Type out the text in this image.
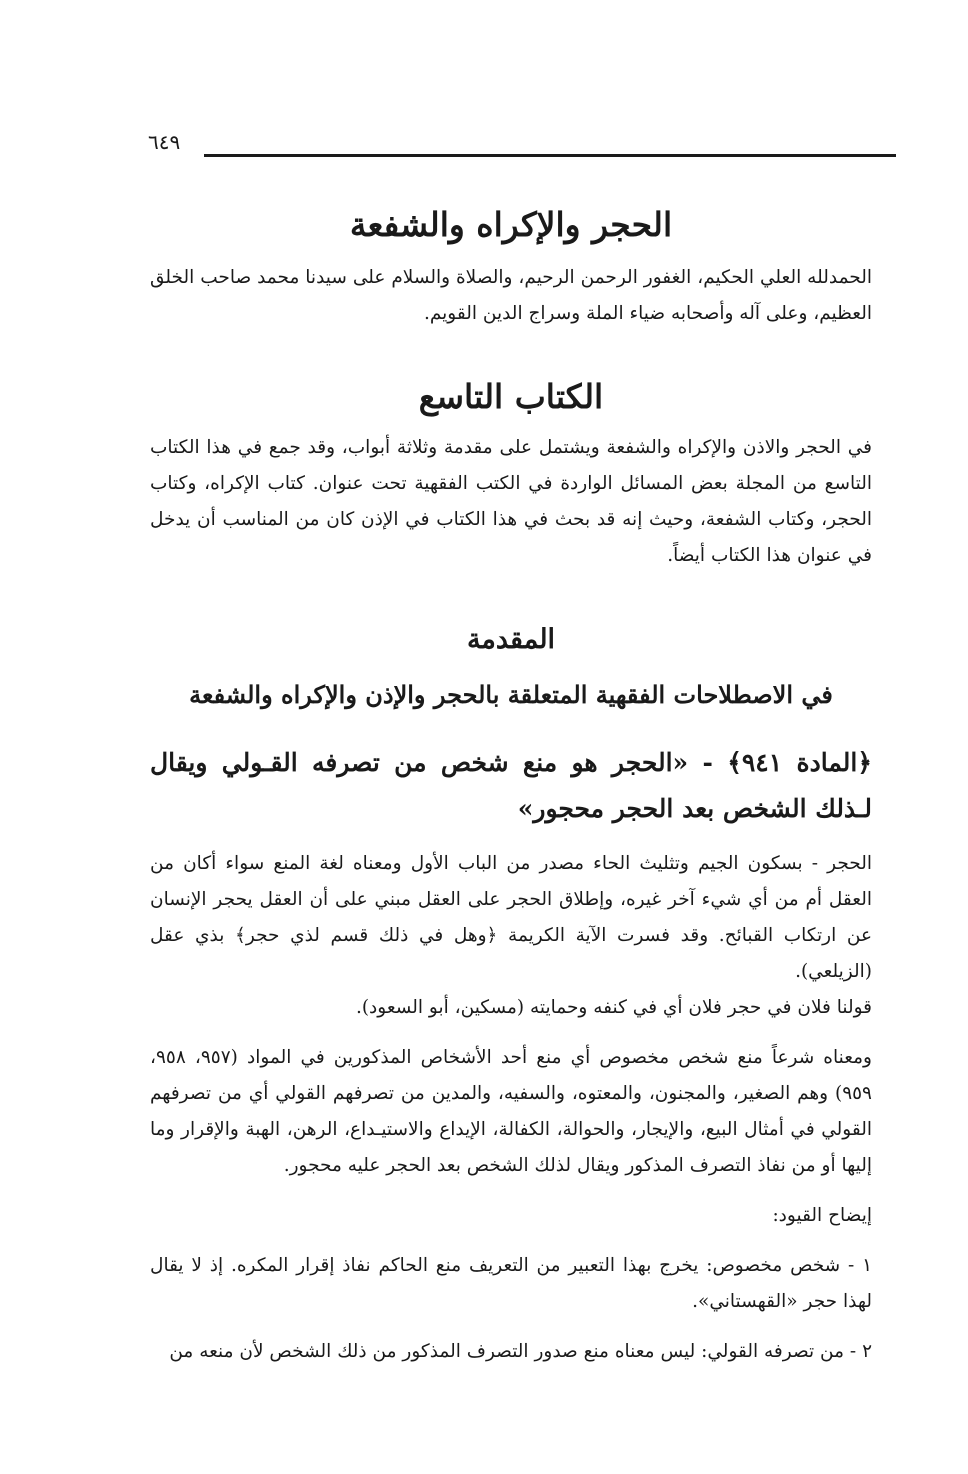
٦٤٩
الحجر والإكراه والشفعة

الحمدلله العلي الحكيم، الغفور الرحمن الرحيم، والصلاة والسلام على سيدنا محمد صاحب الخلق العظيم، وعلى آله وأصحابه ضياء الملة وسراج الدين القويم.

الكتاب التاسع

في الحجر والاذن والإكراه والشفعة ويشتمل على مقدمة وثلاثة أبواب، وقد جمع في هذا الكتاب التاسع من المجلة بعض المسائل الواردة في الكتب الفقهية تحت عنوان. كتاب الإكراه، وكتاب الحجر، وكتاب الشفعة، وحيث إنه قد بحث في هذا الكتاب في الإذن كان من المناسب أن يدخل في عنوان هذا الكتاب أيضاً.

المقدمة
في الاصطلاحات الفقهية المتعلقة بالحجر والإذن والإكراه والشفعة

﴿المادة ٩٤١﴾ - «الحجر هو منع شخص من تصرفه القـولي ويقال لـذلك الشخص بعد الحجر محجور»

الحجر - بسكون الجيم وتثليث الحاء مصدر من الباب الأول ومعناه لغة المنع سواء أكان من العقل أم من أي شيء آخر غيره، وإطلاق الحجر على العقل مبني على أن العقل يحجر الإنسان عن ارتكاب القبائح. وقد فسرت الآية الكريمة ﴿وهل في ذلك قسم لذي حجر﴾ بذي عقل (الزيلعي).

قولنا فلان في حجر فلان أي في كنفه وحمايته (مسكين، أبو السعود).

ومعناه شرعاً منع شخص مخصوص أي منع أحد الأشخاص المذكورين في المواد (٩٥٧، ٩٥٨، ٩٥٩) وهم الصغير، والمجنون، والمعتوه، والسفيه، والمدين من تصرفهم القولي أي من تصرفهم القولي في أمثال البيع، والإيجار، والحوالة، الكفالة، الإيداع والاستيـداع، الرهن، الهبة والإقرار وما إليها أو من نفاذ التصرف المذكور ويقال لذلك الشخص بعد الحجر عليه محجور.

إيضاح القيود:

١ - شخص مخصوص: يخرج بهذا التعبير من التعريف منع الحاكم نفاذ إقرار المكره. إذ لا يقال لهذا حجر «القهستاني».

٢ - من تصرفه القولي: ليس معناه منع صدور التصرف المذكور من ذلك الشخص لأن منعه من
